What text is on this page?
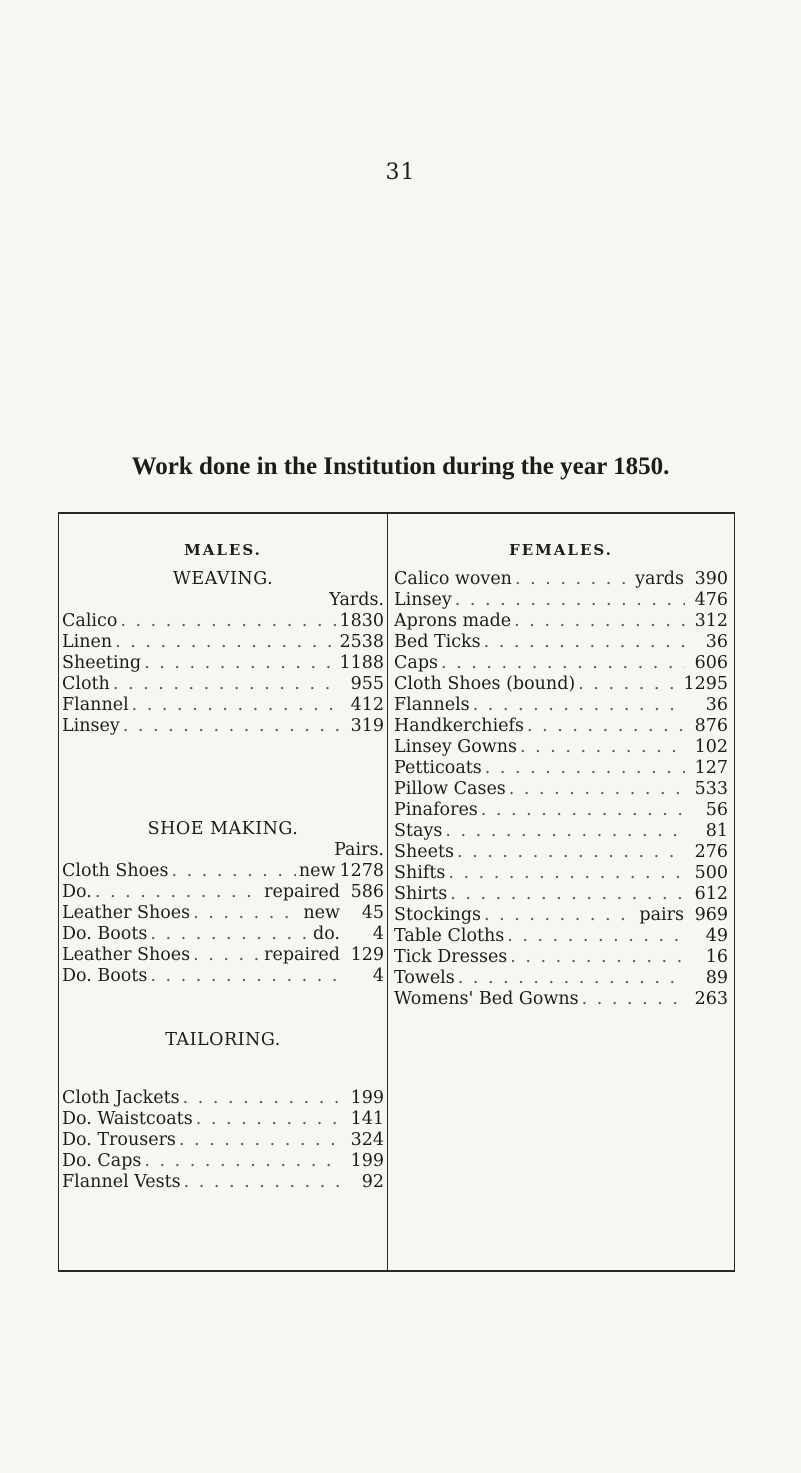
31
Work done in the Institution during the year 1850.
MALES.
WEAVING.
Yards.
Calico . . .	1830
Linen . . .	2538
Sheeting . . .	1188
Cloth . . .	955
Flannel . . .	412
Linsey . . .	319
SHOE MAKING.
Pairs.
Cloth Shoes . . .	new 1278
Do. . . .	repaired 586
Leather Shoes . . .	new	45
Do. Boots . . .	do.	4
Leather Shoes . . .	repaired 129
Do. Boots . . .	4
TAILORING.
Cloth Jackets . . .	199
Do. Waistcoats . . .	141
Do. Trousers . . .	324
Do. Caps . . .	199
Flannel Vests . . .	92
FEMALES.
Calico woven . . .	yards 390
Linsey . . .	476
Aprons made . . .	312
Bed Ticks . . .	36
Caps . . .	606
Cloth Shoes (bound) . . .	1295
Flannels . . .	36
Handkerchiefs . . .	876
Linsey Gowns . . .	102
Petticoats . . .	127
Pillow Cases . . .	533
Pinafores . . .	56
Stays . . .	81
Sheets . . .	276
Shifts . . .	500
Shirts . . .	612
Stockings . . .	pairs 969
Table Cloths . . .	49
Tick Dresses . . .	16
Towels . . .	89
Womens' Bed Gowns . . .	263
